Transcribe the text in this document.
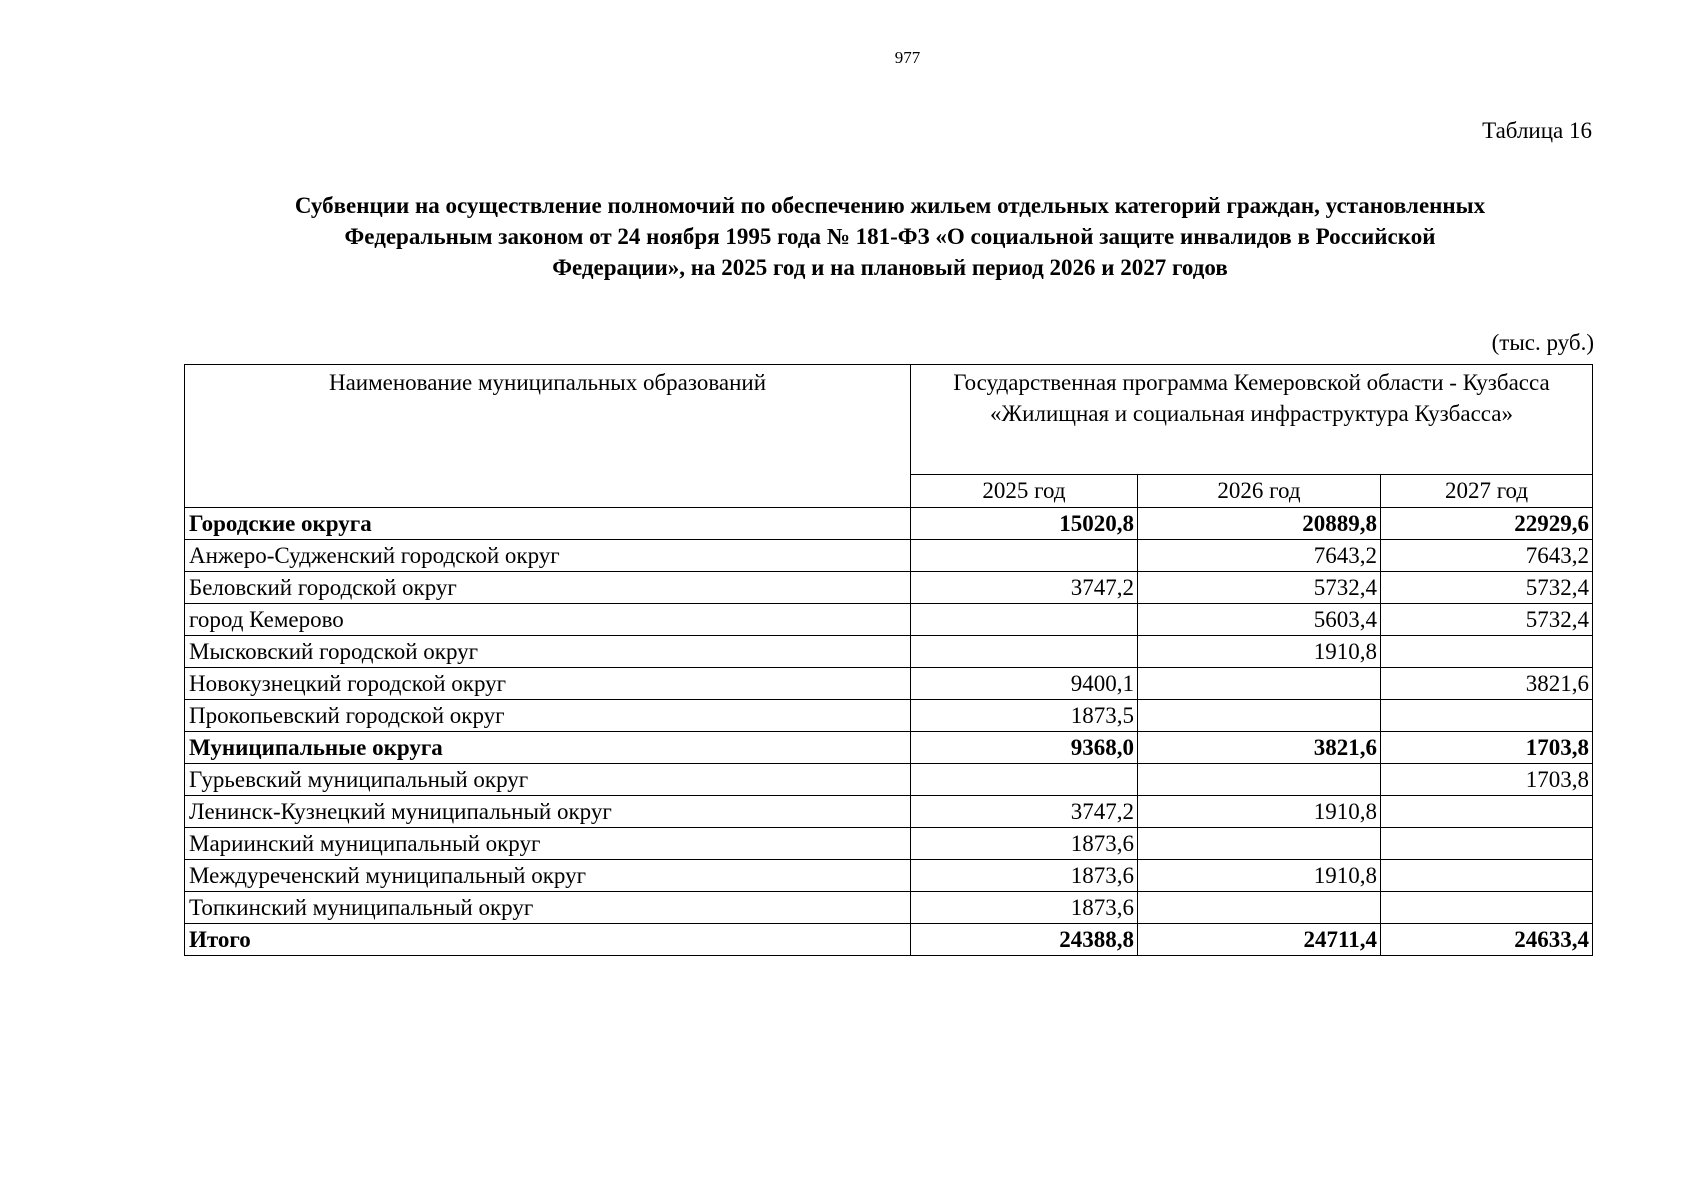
977
Таблица 16
Субвенции на осуществление полномочий по обеспечению жильем отдельных категорий граждан, установленных
Федеральным законом от 24 ноября 1995 года № 181-ФЗ «О социальной защите инвалидов в Российской
Федерации», на 2025 год и на плановый период 2026 и 2027 годов
(тыс. руб.)
Наименование муниципальных образований	Государственная программа Кемеровской области - Кузбасса «Жилищная и социальная инфраструктура Кузбасса»		
	2025 год	2026 год	2027 год
Городские округа	15020,8	20889,8	22929,6
Анжеро-Судженский городской округ		7643,2	7643,2
Беловский городской округ	3747,2	5732,4	5732,4
город Кемерово		5603,4	5732,4
Мысковский городской округ		1910,8	
Новокузнецкий городской округ	9400,1		3821,6
Прокопьевский городской округ	1873,5		
Муниципальные округа	9368,0	3821,6	1703,8
Гурьевский муниципальный округ			1703,8
Ленинск-Кузнецкий муниципальный округ	3747,2	1910,8	
Мариинский муниципальный округ	1873,6		
Междуреченский муниципальный округ	1873,6	1910,8	
Топкинский муниципальный округ	1873,6		
Итого	24388,8	24711,4	24633,4
